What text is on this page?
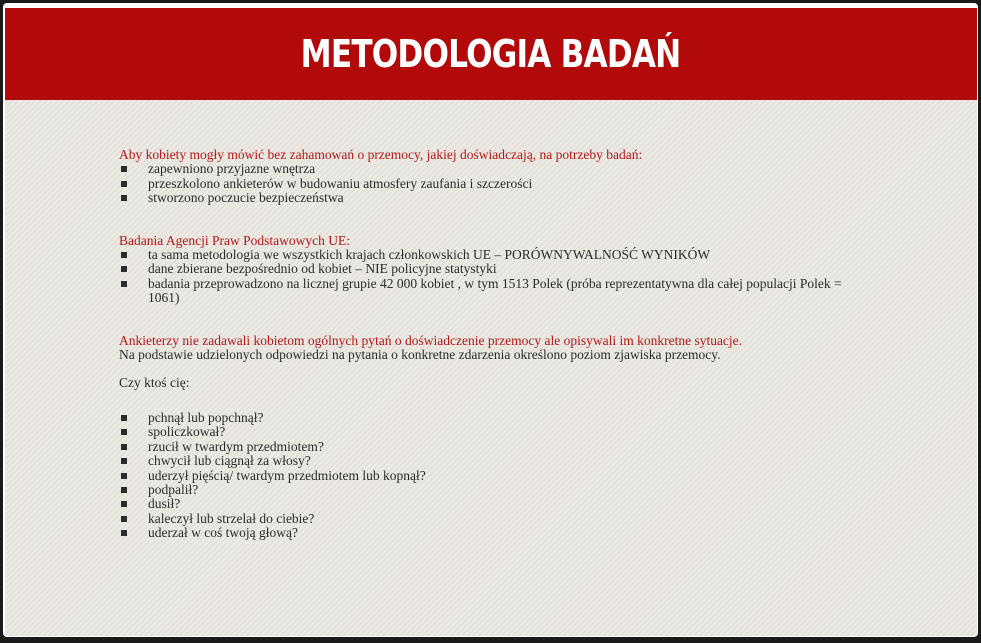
METODOLOGIA BADAŃ

Aby kobiety mogły mówić bez zahamowań o przemocy, jakiej doświadczają, na potrzeby badań:

zapewniono przyjazne wnętrza
przeszkolono ankieterów w budowaniu atmosfery zaufania i szczerości
stworzono poczucie bezpieczeństwa

Badania Agencji Praw Podstawowych UE:

ta sama metodologia we wszystkich krajach członkowskich UE – PORÓWNYWALNOŚĆ WYNIKÓW
dane zbierane bezpośrednio od kobiet – NIE policyjne statystyki
badania przeprowadzono na licznej grupie 42 000 kobiet , w tym 1513 Polek (próba reprezentatywna dla całej populacji Polek = 1061)

Ankieterzy nie zadawali kobietom ogólnych pytań o doświadczenie przemocy ale opisywali im konkretne sytuacje.

Na podstawie udzielonych odpowiedzi na pytania o konkretne zdarzenia określono poziom zjawiska przemocy.

Czy ktoś cię:

pchnął lub popchnął?
spoliczkował?
rzucił w twardym przedmiotem?
chwycił lub ciągnął za włosy?
uderzył pięścią/ twardym przedmiotem lub kopnął?
podpalił?
dusił?
kaleczył lub strzelał do ciebie?
uderzał w coś twoją głową?
